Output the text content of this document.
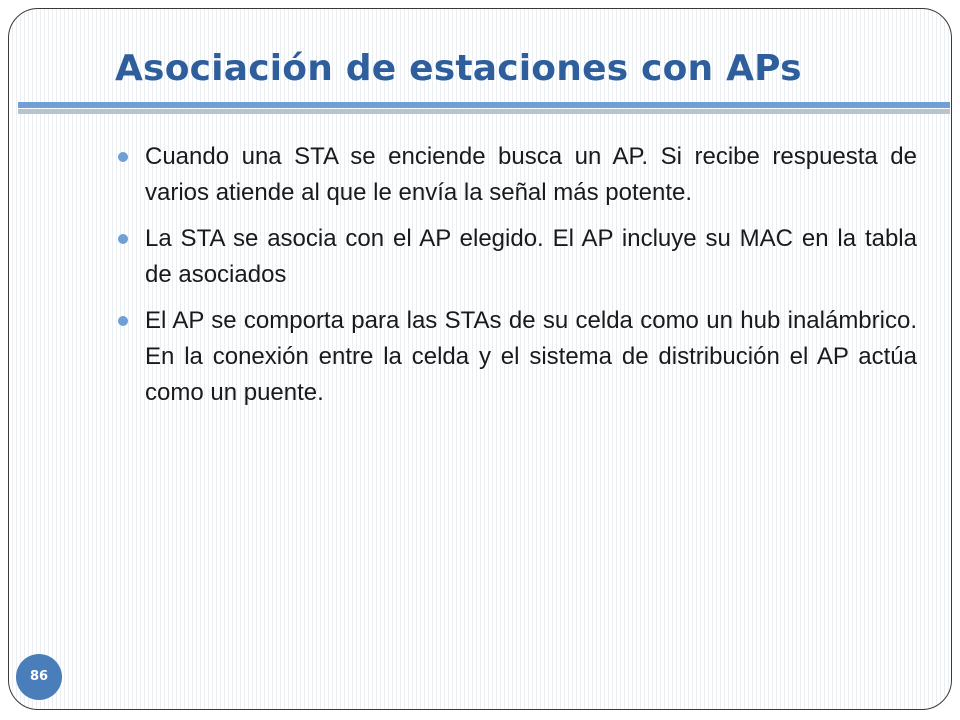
Asociación de estaciones con APs
Cuando una STA se enciende busca un AP. Si recibe respuesta de varios atiende al que le envía la señal más potente.
La STA se asocia con el AP elegido. El AP incluye su MAC en la tabla de asociados
El AP se comporta para las STAs de su celda como un hub inalámbrico. En la conexión entre la celda y el sistema de distribución el AP actúa como un puente.
86
